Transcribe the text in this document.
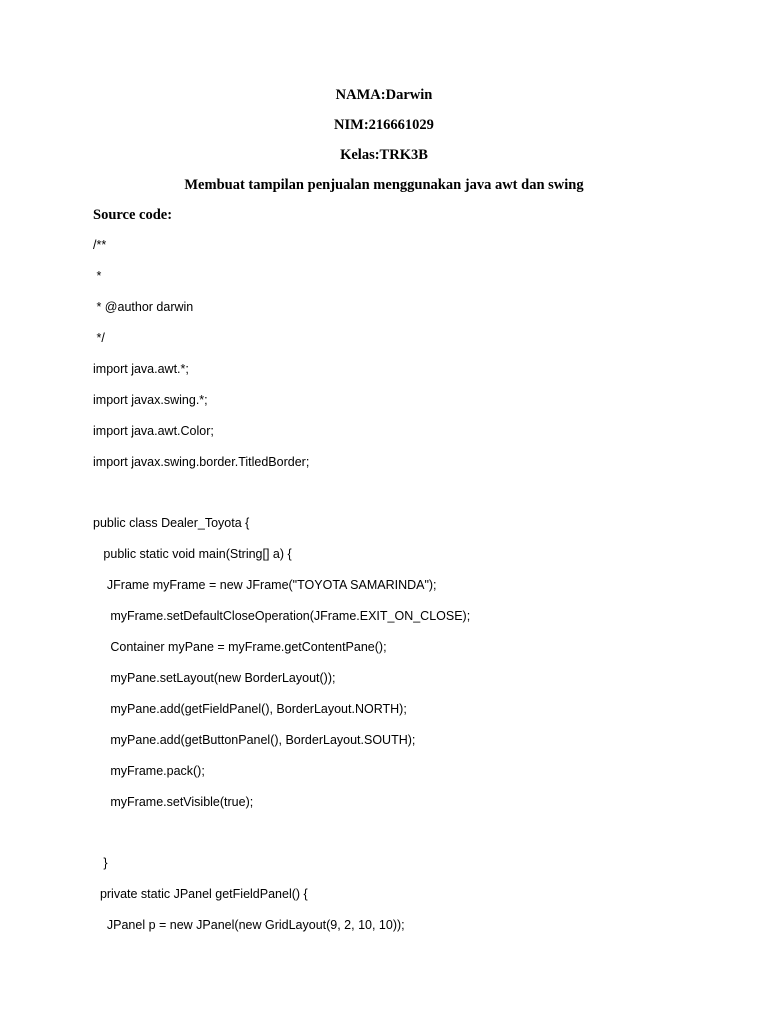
NAMA:Darwin
NIM:216661029
Kelas:TRK3B
Membuat tampilan penjualan menggunakan java awt dan swing
Source code:
/**
*
* @author darwin
*/
import java.awt.*;
import javax.swing.*;
import java.awt.Color;
import javax.swing.border.TitledBorder;
public class Dealer_Toyota {
public static void main(String[] a) {
JFrame myFrame = new JFrame("TOYOTA SAMARINDA");
myFrame.setDefaultCloseOperation(JFrame.EXIT_ON_CLOSE);
Container myPane = myFrame.getContentPane();
myPane.setLayout(new BorderLayout());
myPane.add(getFieldPanel(), BorderLayout.NORTH);
myPane.add(getButtonPanel(), BorderLayout.SOUTH);
myFrame.pack();
myFrame.setVisible(true);
}
private static JPanel getFieldPanel() {
JPanel p = new JPanel(new GridLayout(9, 2, 10, 10));
